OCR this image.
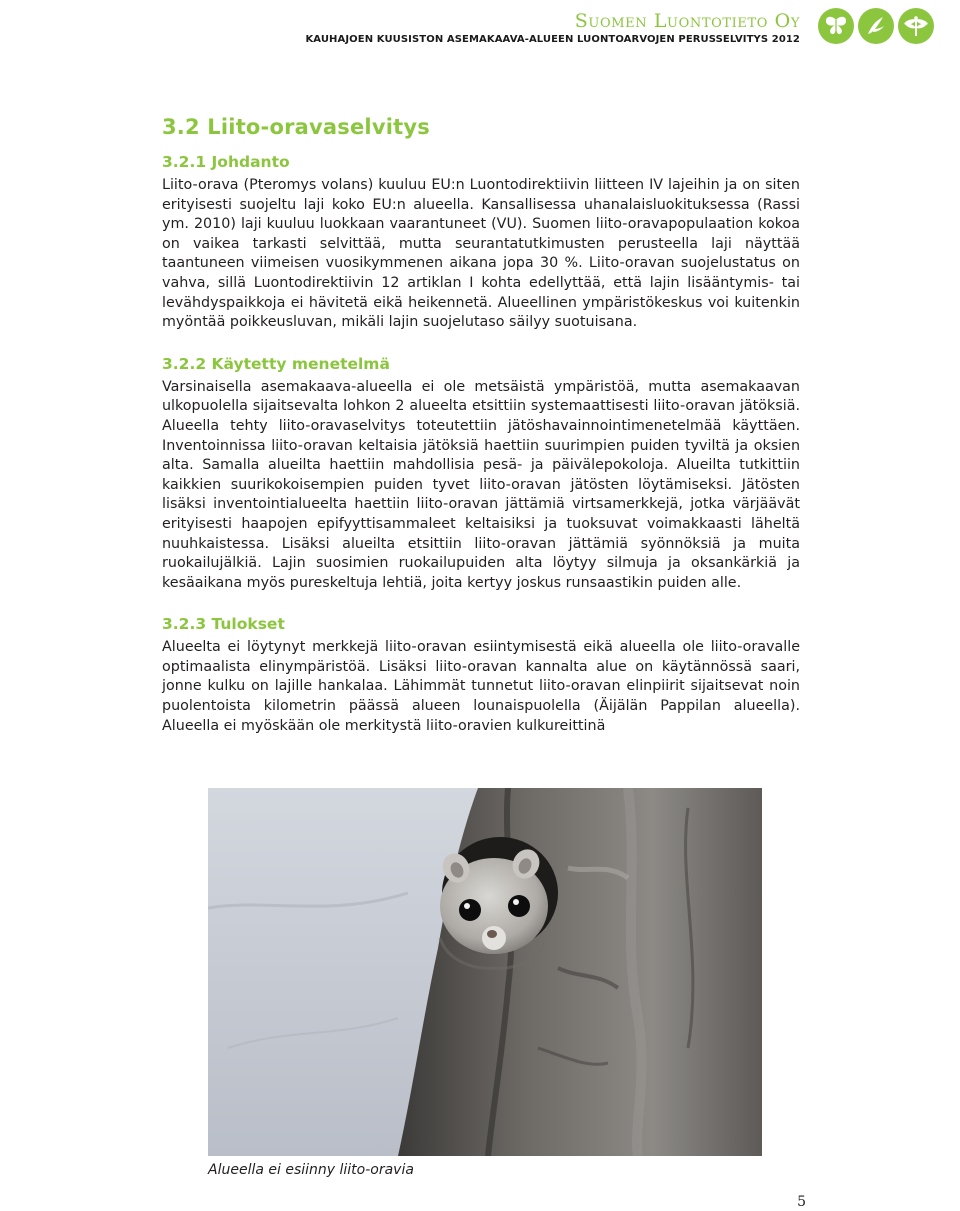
Suomen Luontotieto Oy
KAUHAJOEN KUUSISTON ASEMAKAAVA-ALUEEN LUONTOARVOJEN PERUSSELVITYS 2012
3.2 Liito-oravaselvitys
3.2.1 Johdanto

Liito-orava (Pteromys volans) kuuluu EU:n Luontodirektiivin liitteen IV lajeihin ja on siten erityisesti suojeltu laji koko EU:n alueella. Kansallisessa uhanalaisluokituksessa (Rassi ym. 2010) laji kuuluu luokkaan vaarantuneet (VU). Suomen liito-oravapopulaation kokoa on vaikea tarkasti selvittää, mutta seurantatutkimusten perusteella laji näyttää taantuneen viimeisen vuosikymmenen aikana jopa 30 %. Liito-oravan suojelustatus on vahva, sillä Luontodirektiivin 12 artiklan I kohta edellyttää, että lajin lisääntymis- tai levähdyspaikkoja ei hävitetä eikä heikennetä. Alueellinen ympäristökeskus voi kuitenkin myöntää poikkeusluvan, mikäli lajin suojelutaso säilyy suotuisana.

3.2.2 Käytetty menetelmä

Varsinaisella asemakaava-alueella ei ole metsäistä ympäristöä, mutta asemakaavan ulkopuolella sijaitsevalta lohkon 2 alueelta etsittiin systemaattisesti liito-oravan jätöksiä. Alueella tehty liito-oravaselvitys toteutettiin jätöshavainnointimenetelmää käyttäen. Inventoinnissa liito-oravan keltaisia jätöksiä haettiin suurimpien puiden tyviltä ja oksien alta. Samalla alueilta haettiin mahdollisia pesä- ja päivälepokoloja. Alueilta tutkittiin kaikkien suurikokoisempien puiden tyvet liito-oravan jätösten löytämiseksi. Jätösten lisäksi inventointialueelta haettiin liito-oravan jättämiä virtsamerkkejä, jotka värjäävät erityisesti haapojen epifyyttisammaleet keltaisiksi ja tuoksuvat voimakkaasti läheltä nuuhkaistessa. Lisäksi alueilta etsittiin liito-oravan jättämiä syönnöksiä ja muita ruokailujälkiä. Lajin suosimien ruokailupuiden alta löytyy silmuja ja oksankärkiä ja kesäaikana myös pureskeltuja lehtiä, joita kertyy joskus runsaastikin puiden alle.

3.2.3 Tulokset

Alueelta ei löytynyt merkkejä liito-oravan esiintymisestä eikä alueella ole liito-oravalle optimaalista elinympäristöä. Lisäksi liito-oravan kannalta alue on käytännössä saari, jonne kulku on lajille hankalaa. Lähimmät tunnetut liito-oravan elinpiirit sijaitsevat noin puolentoista kilometrin päässä alueen lounaispuolella (Äijälän Pappilan alueella). Alueella ei myöskään ole merkitystä liito-oravien kulkureittinä

Alueella ei esiinny liito-oravia
5
